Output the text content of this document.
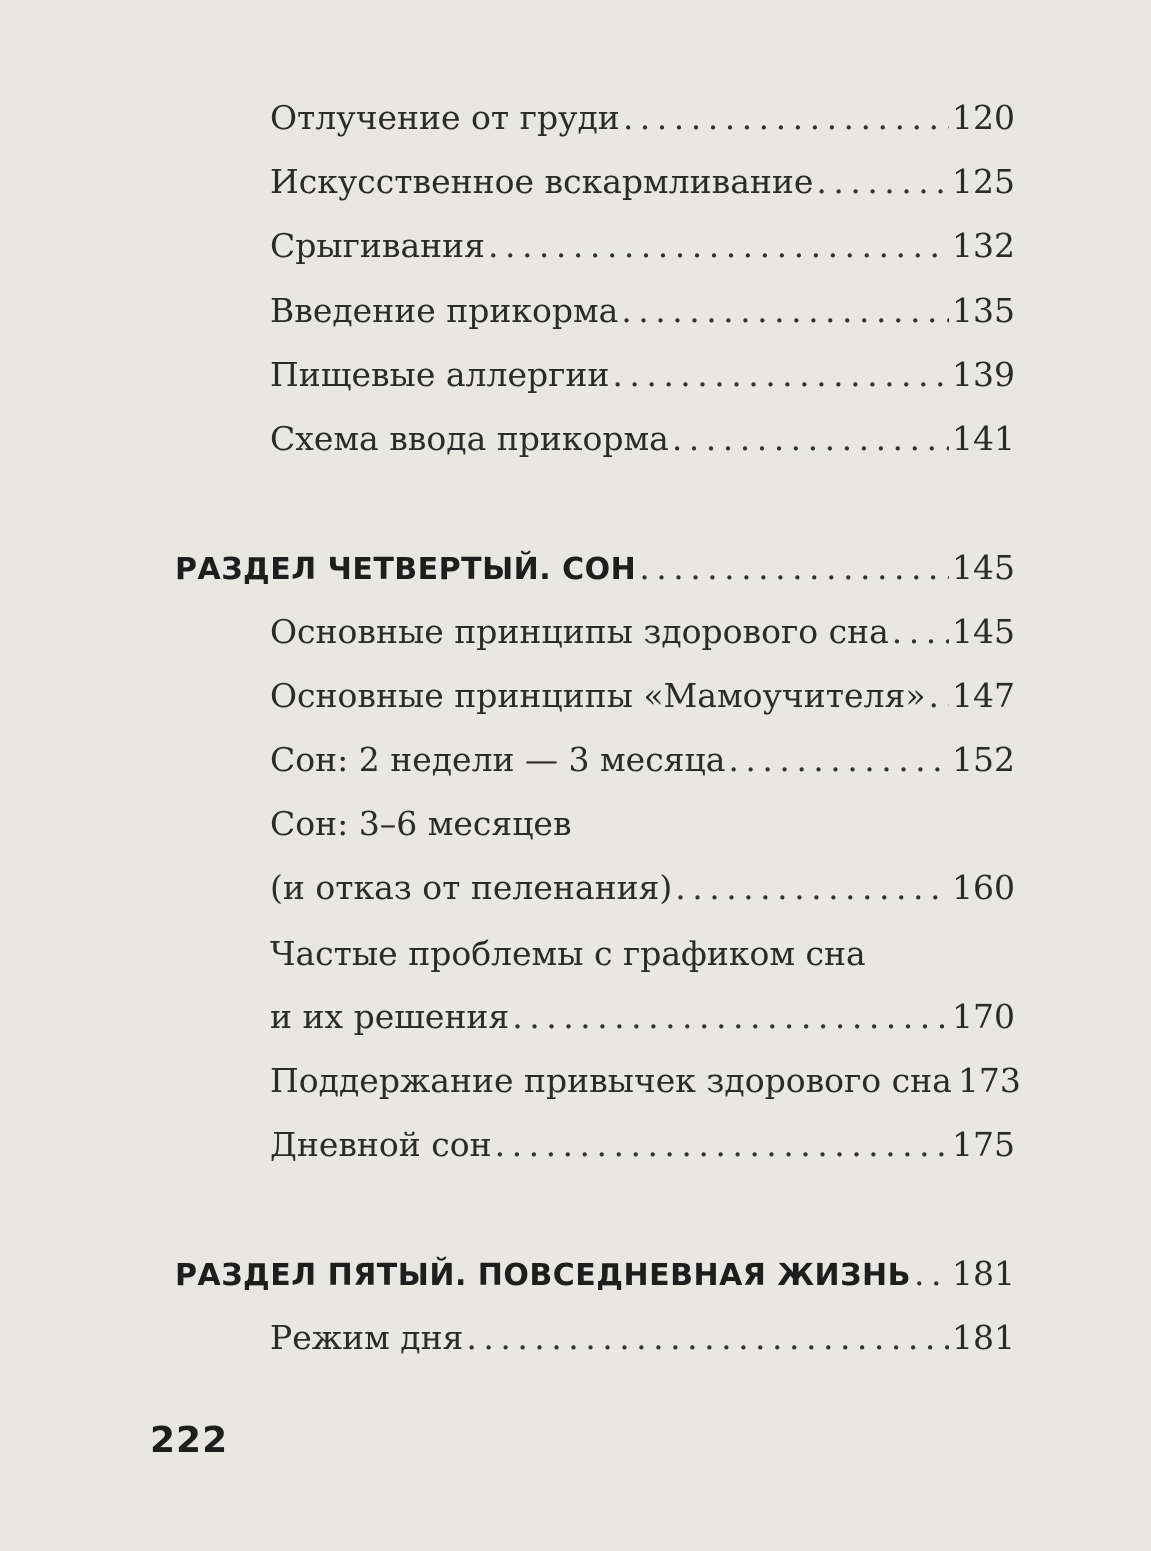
Отлучение от груди . . .	120
Искусственное вскармливание . . .	125
Срыгивания . . .	132
Введение прикорма . . .	135
Пищевые аллергии . . .	139
Схема ввода прикорма . . .	141
РАЗДЕЛ ЧЕТВЕРТЫЙ. СОН . . .	145
Основные принципы здорового сна . . . 145
Основные принципы «Мамоучителя» . . . 147
Сон: 2 недели — 3 месяца . . .	152
Сон: 3–6 месяцев
(и отказ от пеленания) . . .	160
Частые проблемы с графиком сна
и их решения . . .	170
Поддержание привычек здорового сна 173
Дневной сон . . .	175
РАЗДЕЛ ПЯТЫЙ. ПОВСЕДНЕВНАЯ ЖИЗНЬ . . . 181
Режим дня . . .	181
222
